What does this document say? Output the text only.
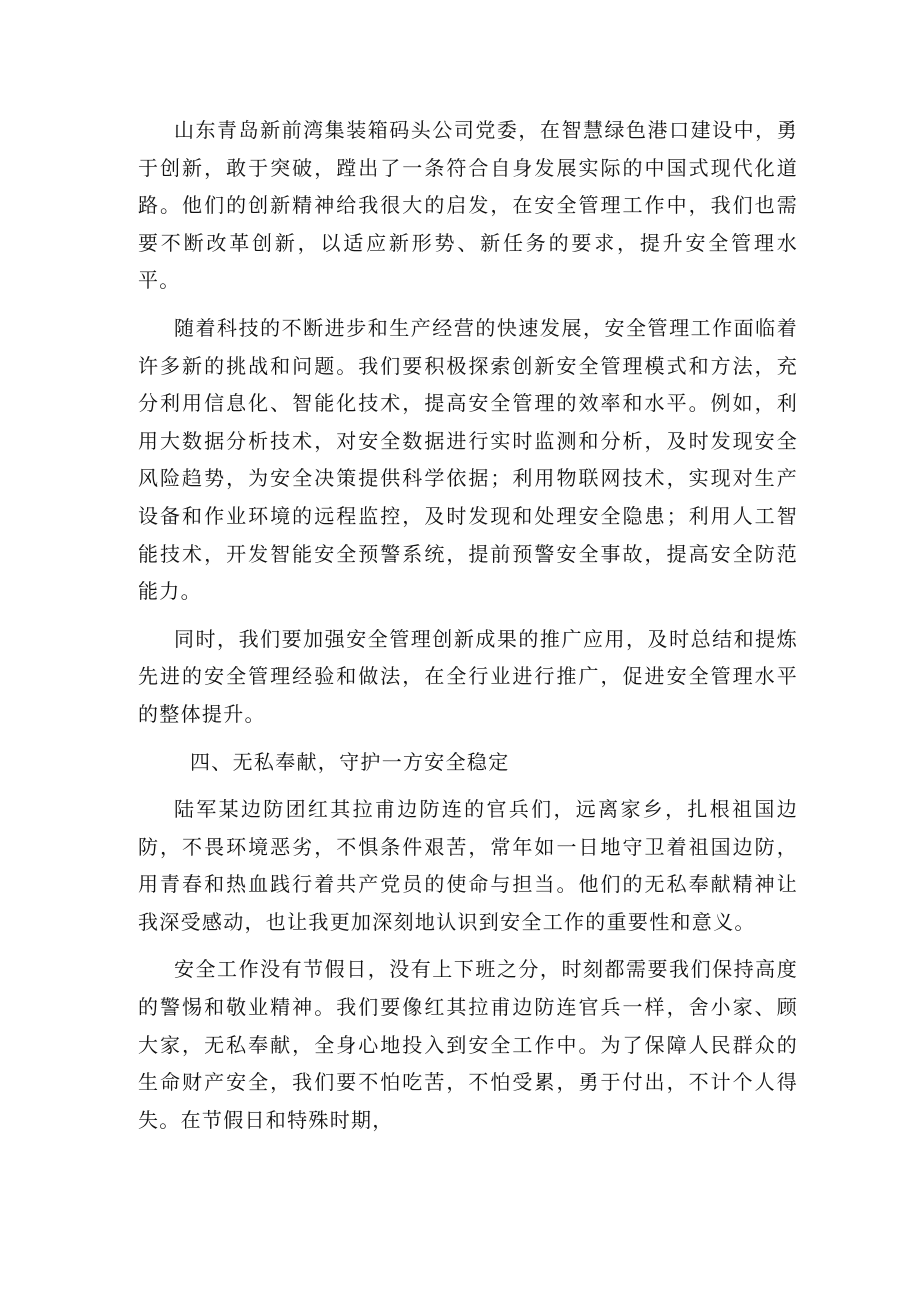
山东青岛新前湾集装箱码头公司党委，在智慧绿色港口建设中，勇于创新，敢于突破，蹚出了一条符合自身发展实际的中国式现代化道路。他们的创新精神给我很大的启发，在安全管理工作中，我们也需要不断改革创新，以适应新形势、新任务的要求，提升安全管理水平。

随着科技的不断进步和生产经营的快速发展，安全管理工作面临着许多新的挑战和问题。我们要积极探索创新安全管理模式和方法，充分利用信息化、智能化技术，提高安全管理的效率和水平。例如，利用大数据分析技术，对安全数据进行实时监测和分析，及时发现安全风险趋势，为安全决策提供科学依据；利用物联网技术，实现对生产设备和作业环境的远程监控，及时发现和处理安全隐患；利用人工智能技术，开发智能安全预警系统，提前预警安全事故，提高安全防范能力。

同时，我们要加强安全管理创新成果的推广应用，及时总结和提炼先进的安全管理经验和做法，在全行业进行推广，促进安全管理水平的整体提升。

四、无私奉献，守护一方安全稳定

陆军某边防团红其拉甫边防连的官兵们，远离家乡，扎根祖国边防，不畏环境恶劣，不惧条件艰苦，常年如一日地守卫着祖国边防，用青春和热血践行着共产党员的使命与担当。他们的无私奉献精神让我深受感动，也让我更加深刻地认识到安全工作的重要性和意义。

安全工作没有节假日，没有上下班之分，时刻都需要我们保持高度的警惕和敬业精神。我们要像红其拉甫边防连官兵一样，舍小家、顾大家，无私奉献，全身心地投入到安全工作中。为了保障人民群众的生命财产安全，我们要不怕吃苦，不怕受累，勇于付出，不计个人得失。在节假日和特殊时期，
